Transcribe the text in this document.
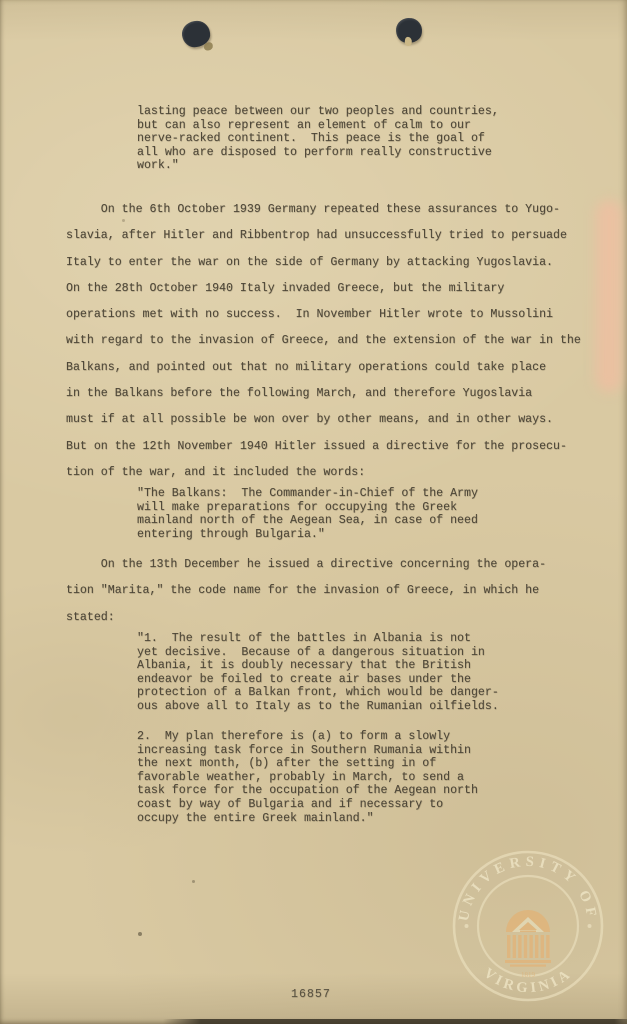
lasting peace between our two peoples and countries,
but can also represent an element of calm to our
nerve-racked continent.  This peace is the goal of
all who are disposed to perform really constructive
work."
On the 6th October 1939 Germany repeated these assurances to Yugo-
slavia, after Hitler and Ribbentrop had unsuccessfully tried to persuade
Italy to enter the war on the side of Germany by attacking Yugoslavia.
On the 28th October 1940 Italy invaded Greece, but the military
operations met with no success.  In November Hitler wrote to Mussolini
with regard to the invasion of Greece, and the extension of the war in the
Balkans, and pointed out that no military operations could take place
in the Balkans before the following March, and therefore Yugoslavia
must if at all possible be won over by other means, and in other ways.
But on the 12th November 1940 Hitler issued a directive for the prosecu-
tion of the war, and it included the words:
"The Balkans:  The Commander-in-Chief of the Army
will make preparations for occupying the Greek
mainland north of the Aegean Sea, in case of need
entering through Bulgaria."
On the 13th December he issued a directive concerning the opera-
tion "Marita," the code name for the invasion of Greece, in which he
stated:
"1.  The result of the battles in Albania is not
yet decisive.  Because of a dangerous situation in
Albania, it is doubly necessary that the British
endeavor be foiled to create air bases under the
protection of a Balkan front, which would be danger-
ous above all to Italy as to the Rumanian oilfields.
2.  My plan therefore is (a) to form a slowly
increasing task force in Southern Rumania within
the next month, (b) after the setting in of
favorable weather, probably in March, to send a
task force for the occupation of the Aegean north
coast by way of Bulgaria and if necessary to
occupy the entire Greek mainland."
16857
UNIVERSITY OF
VIRGINIA
1819
